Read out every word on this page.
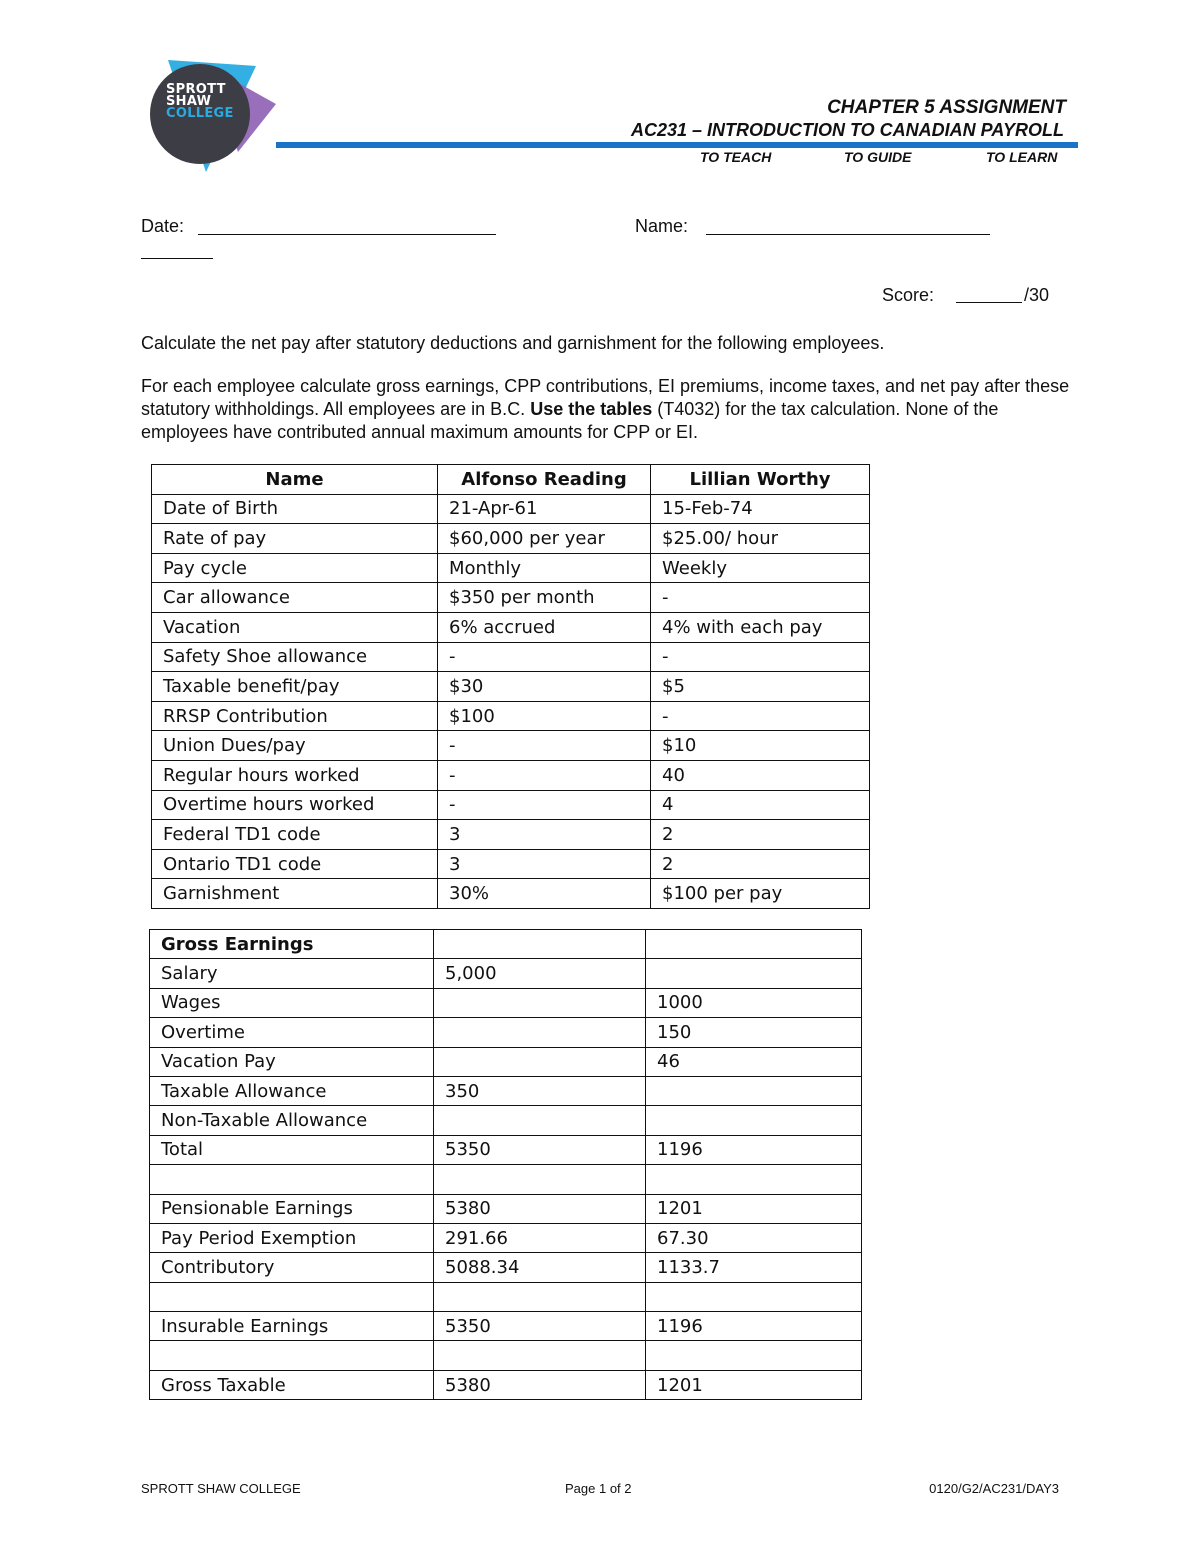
SPROTT
SHAW
COLLEGE	CHAPTER 5 ASSIGNMENT
AC231 – INTRODUCTION TO CANADIAN PAYROLL
TO TEACH	TO GUIDE	TO LEARN
Date:	Name:
Score:	/30
Calculate the net pay after statutory deductions and garnishment for the following employees.
For each employee calculate gross earnings, CPP contributions, EI premiums, income taxes, and net pay after these statutory withholdings. All employees are in B.C. Use the tables (T4032) for the tax calculation. None of the employees have contributed annual maximum amounts for CPP or EI.
Name	Alfonso Reading	Lillian Worthy
Date of Birth	21-Apr-61	15-Feb-74
Rate of pay	$60,000 per year	$25.00/ hour
Pay cycle	Monthly	Weekly
Car allowance	$350 per month	-
Vacation	6% accrued	4% with each pay
Safety Shoe allowance	-	-
Taxable benefit/pay	$30	$5
RRSP Contribution	$100	-
Union Dues/pay	-	$10
Regular hours worked	-	40
Overtime hours worked	-	4
Federal TD1 code	3	2
Ontario TD1 code	3	2
Garnishment	30%	$100 per pay
Gross Earnings		
Salary	5,000	
Wages		1000
Overtime		150
Vacation Pay		46
Taxable Allowance	350	
Non-Taxable Allowance		
Total	5350	1196

Pensionable Earnings	5380	1201
Pay Period Exemption	291.66	67.30
Contributory	5088.34	1133.7

Insurable Earnings	5350	1196

Gross Taxable	5380	1201
SPROTT SHAW COLLEGE	Page 1 of 2	0120/G2/AC231/DAY3
